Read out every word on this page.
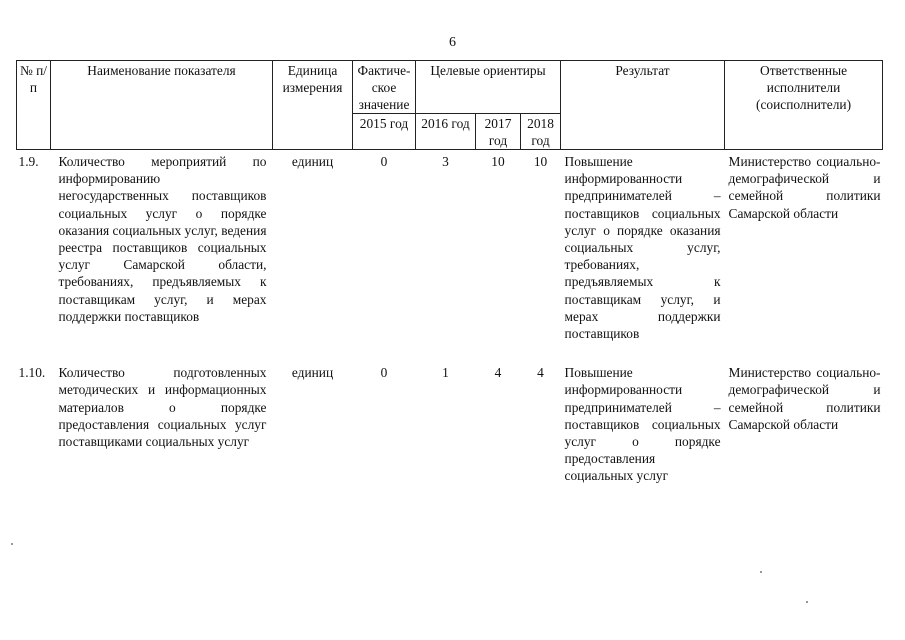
6
№ п/п	Наименование показателя	Единица измерения	Фактиче-ское значение	Целевые ориентиры			Результат	Ответственные исполнители (соисполнители)
			2015 год	2016 год	2017 год	2018 год		
1.9.	Количество мероприятий по информированию негосударственных поставщиков социальных услуг о порядке оказания социальных услуг, ведения реестра поставщиков социальных услуг Самарской области, требованиях, предъявляемых к поставщикам услуг, и мерах поддержки поставщиков	единиц	0	3	10	10	Повышение информированности предпринимателей – поставщиков социальных услуг о порядке оказания социальных услуг, требованиях, предъявляемых к поставщикам услуг, и мерах поддержки поставщиков	Министерство социально-демографической и семейной политики Самарской области

1.10.	Количество подготовленных методических и информационных материалов о порядке предоставления социальных услуг поставщиками социальных услуг	единиц	0	1	4	4	Повышение информированности предпринимателей – поставщиков социальных услуг о порядке предоставления социальных услуг	Министерство социально-демографической и семейной политики Самарской области
